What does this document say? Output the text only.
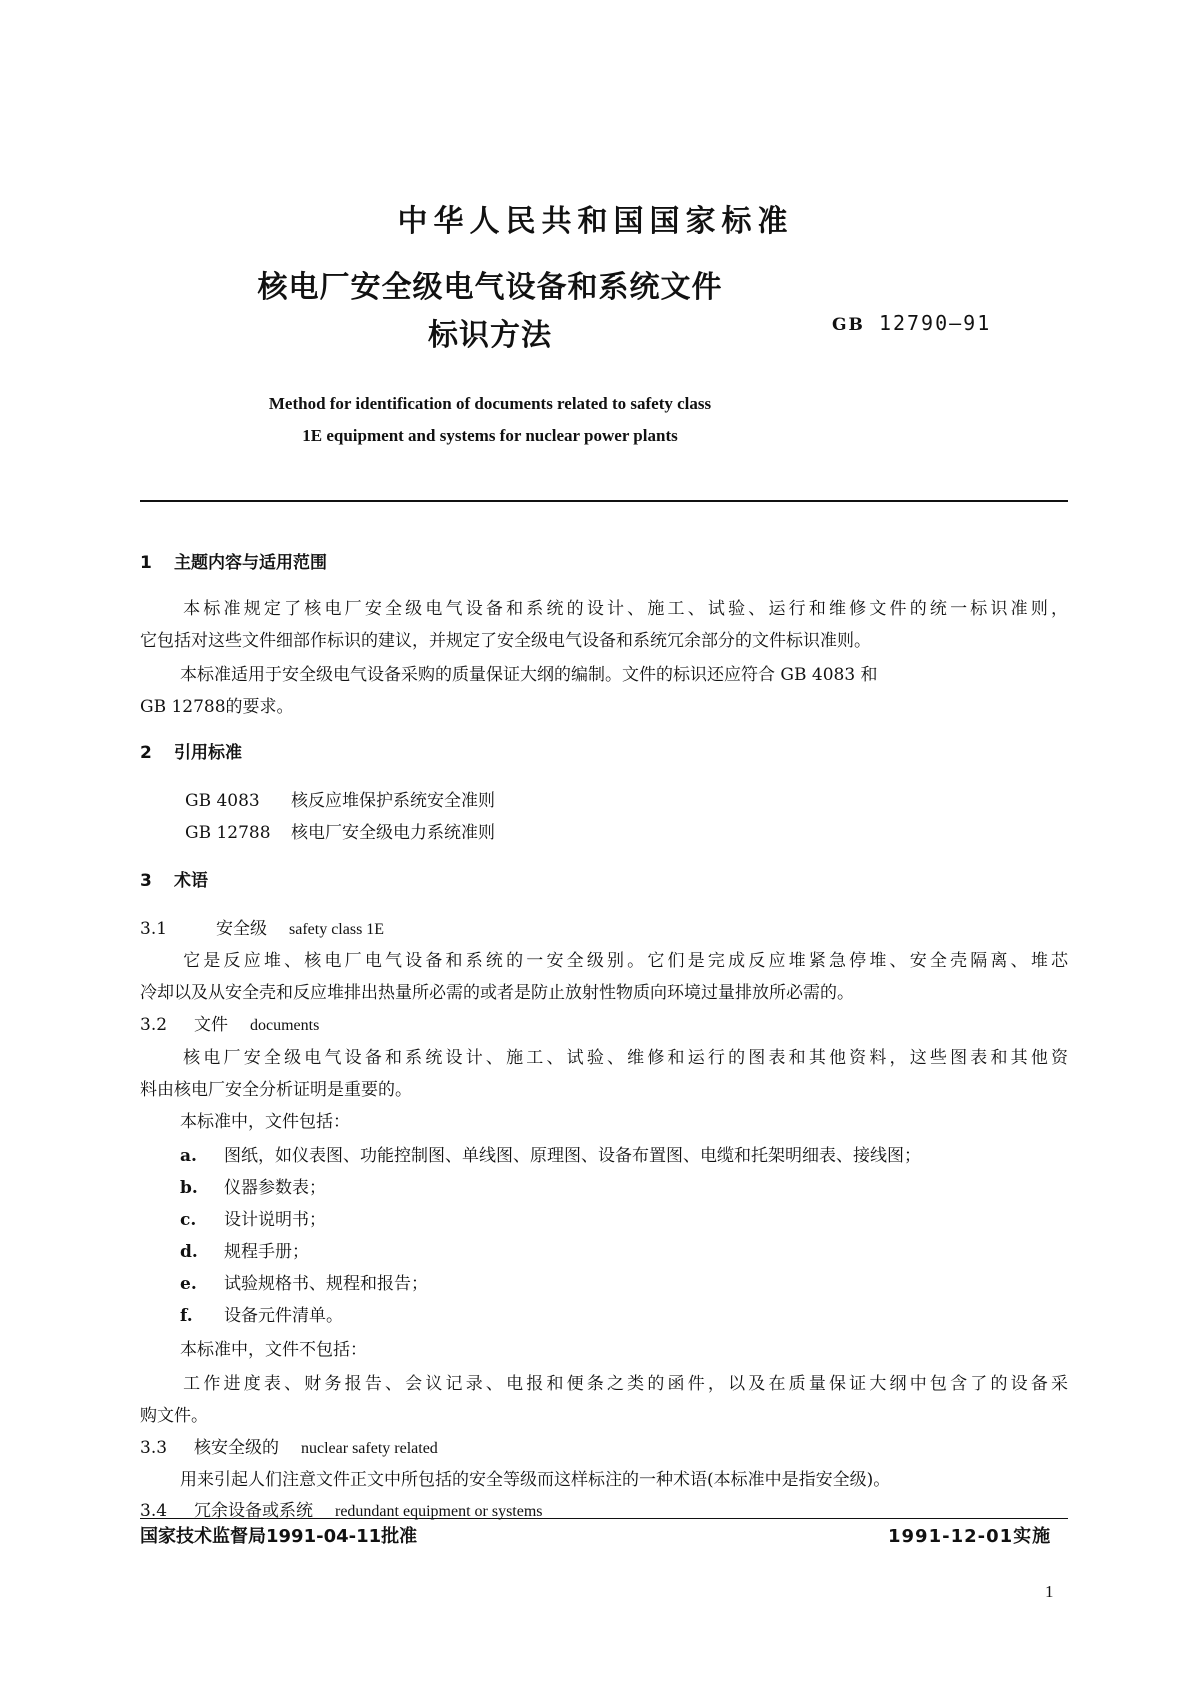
中华人民共和国国家标准
核电厂安全级电气设备和系统文件
标识方法	GB 12790—91
Method for identification of documents related to safety class
1E equipment and systems for nuclear power plants
1 主题内容与适用范围
本标准规定了核电厂安全级电气设备和系统的设计、施工、试验、运行和维修文件的统一标识准则，
它包括对这些文件细部作标识的建议，并规定了安全级电气设备和系统冗余部分的文件标识准则。
本标准适用于安全级电气设备采购的质量保证大纲的编制。文件的标识还应符合 GB 4083 和
GB 12788的要求。
2 引用标准
GB 4083 核反应堆保护系统安全准则
GB 12788 核电厂安全级电力系统准则
3 术语
3.1	安全级 safety class 1E
它是反应堆、核电厂电气设备和系统的一安全级别。它们是完成反应堆紧急停堆、安全壳隔离、堆芯
冷却以及从安全壳和反应堆排出热量所必需的或者是防止放射性物质向环境过量排放所必需的。
3.2 文件 documents
核电厂安全级电气设备和系统设计、施工、试验、维修和运行的图表和其他资料，这些图表和其他资
料由核电厂安全分析证明是重要的。
本标准中，文件包括：
a. 图纸，如仪表图、功能控制图、单线图、原理图、设备布置图、电缆和托架明细表、接线图；
b. 仪器参数表；
c. 设计说明书；
d. 规程手册；
e. 试验规格书、规程和报告；
f. 设备元件清单。
本标准中，文件不包括：
工作进度表、财务报告、会议记录、电报和便条之类的函件，以及在质量保证大纲中包含了的设备采
购文件。
3.3 核安全级的 nuclear safety related
用来引起人们注意文件正文中所包括的安全等级而这样标注的一种术语(本标准中是指安全级)。
3.4 冗余设备或系统 redundant equipment or systems
国家技术监督局1991-04-11批准	1991-12-01实施
1
